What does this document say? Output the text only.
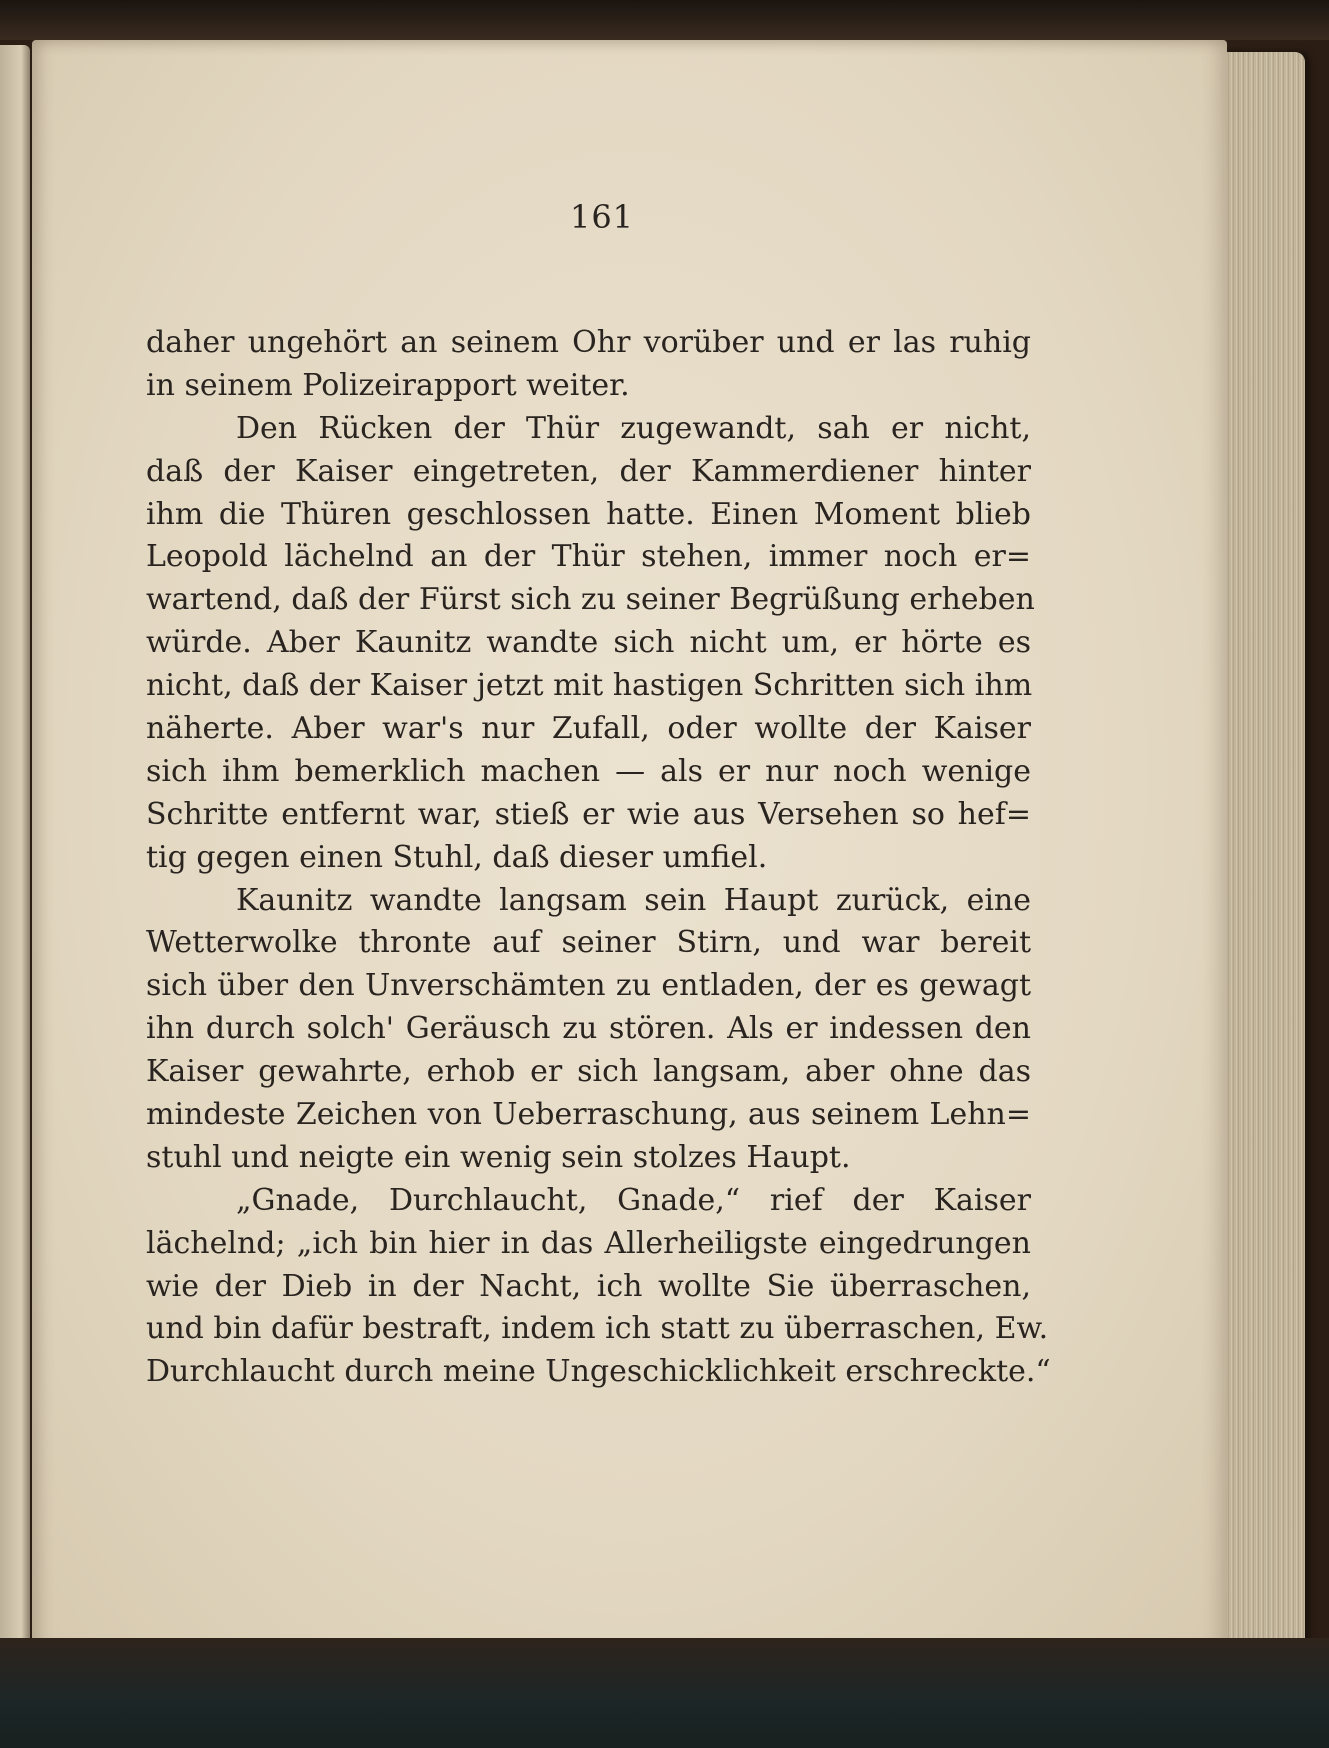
161
daher ungehört an seinem Ohr vorüber und er las ruhig
in seinem Polizeirapport weiter.
Den Rücken der Thür zugewandt, sah er nicht,
daß der Kaiser eingetreten, der Kammerdiener hinter
ihm die Thüren geschlossen hatte. Einen Moment blieb
Leopold lächelnd an der Thür stehen, immer noch er=
wartend, daß der Fürst sich zu seiner Begrüßung erheben
würde. Aber Kaunitz wandte sich nicht um, er hörte es
nicht, daß der Kaiser jetzt mit hastigen Schritten sich ihm
näherte. Aber war's nur Zufall, oder wollte der Kaiser
sich ihm bemerklich machen — als er nur noch wenige
Schritte entfernt war, stieß er wie aus Versehen so hef=
tig gegen einen Stuhl, daß dieser umfiel.
Kaunitz wandte langsam sein Haupt zurück, eine
Wetterwolke thronte auf seiner Stirn, und war bereit
sich über den Unverschämten zu entladen, der es gewagt
ihn durch solch' Geräusch zu stören. Als er indessen den
Kaiser gewahrte, erhob er sich langsam, aber ohne das
mindeste Zeichen von Ueberraschung, aus seinem Lehn=
stuhl und neigte ein wenig sein stolzes Haupt.
„Gnade, Durchlaucht, Gnade,“ rief der Kaiser
lächelnd; „ich bin hier in das Allerheiligste eingedrungen
wie der Dieb in der Nacht, ich wollte Sie überraschen,
und bin dafür bestraft, indem ich statt zu überraschen, Ew.
Durchlaucht durch meine Ungeschicklichkeit erschreckte.“
